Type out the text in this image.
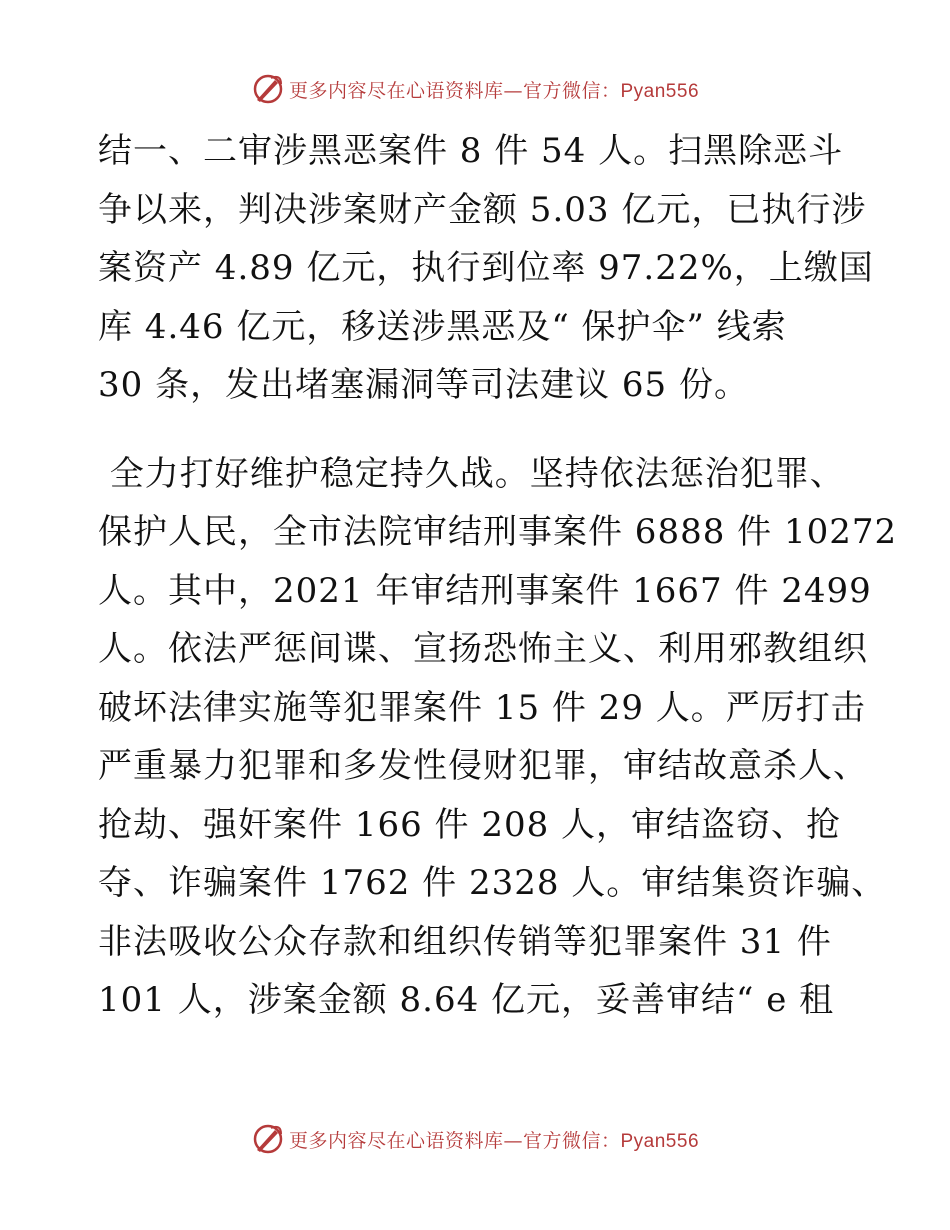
更多内容尽在心语资料库—官方微信：Pyan556
结一、二审涉黑恶案件 8 件 54 人。扫黑除恶斗
争以来，判决涉案财产金额 5.03 亿元，已执行涉
案资产 4.89 亿元，执行到位率 97.22%，上缴国
库 4.46 亿元，移送涉黑恶及“ 保护伞” 线索
30 条，发出堵塞漏洞等司法建议 65 份。
全力打好维护稳定持久战。坚持依法惩治犯罪、
保护人民，全市法院审结刑事案件 6888 件 10272
人。其中，2021 年审结刑事案件 1667 件 2499
人。依法严惩间谍、宣扬恐怖主义、利用邪教组织
破坏法律实施等犯罪案件 15 件 29 人。严厉打击
严重暴力犯罪和多发性侵财犯罪，审结故意杀人、
抢劫、强奸案件 166 件 208 人，审结盗窃、抢
夺、诈骗案件 1762 件 2328 人。审结集资诈骗、
非法吸收公众存款和组织传销等犯罪案件 31 件
101 人，涉案金额 8.64 亿元，妥善审结“ e 租
更多内容尽在心语资料库—官方微信：Pyan556
